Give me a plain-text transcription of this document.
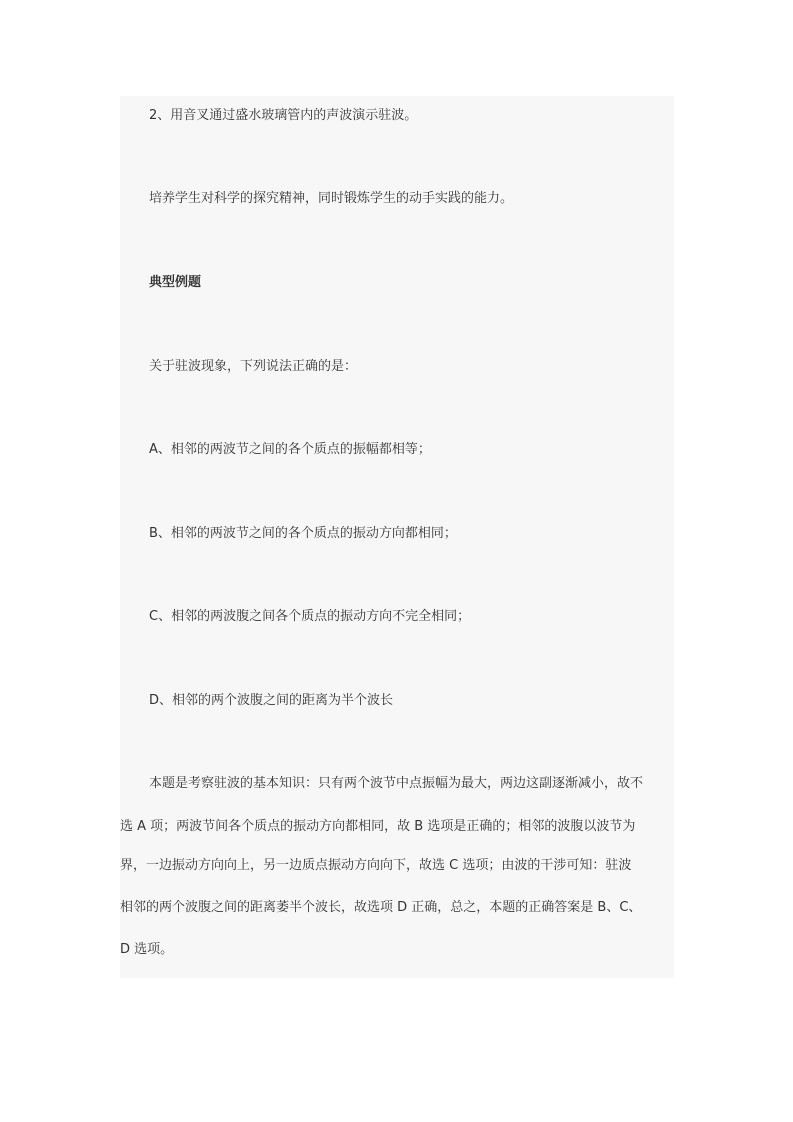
2、用音叉通过盛水玻璃管内的声波演示驻波。

培养学生对科学的探究精神，同时锻炼学生的动手实践的能力。

典型例题

关于驻波现象，下列说法正确的是：

A、相邻的两波节之间的各个质点的振幅都相等；

B、相邻的两波节之间的各个质点的振动方向都相同；

C、相邻的两波腹之间各个质点的振动方向不完全相同；

D、相邻的两个波腹之间的距离为半个波长

本题是考察驻波的基本知识：只有两个波节中点振幅为最大，两边这副逐渐减小，故不

选 A 项；两波节间各个质点的振动方向都相同，故 B 选项是正确的；相邻的波腹以波节为

界，一边振动方向向上，另一边质点振动方向向下，故选 C 选项；由波的干涉可知：驻波

相邻的两个波腹之间的距离萎半个波长，故选项 D 正确，总之，本题的正确答案是 B、C、

D 选项。
